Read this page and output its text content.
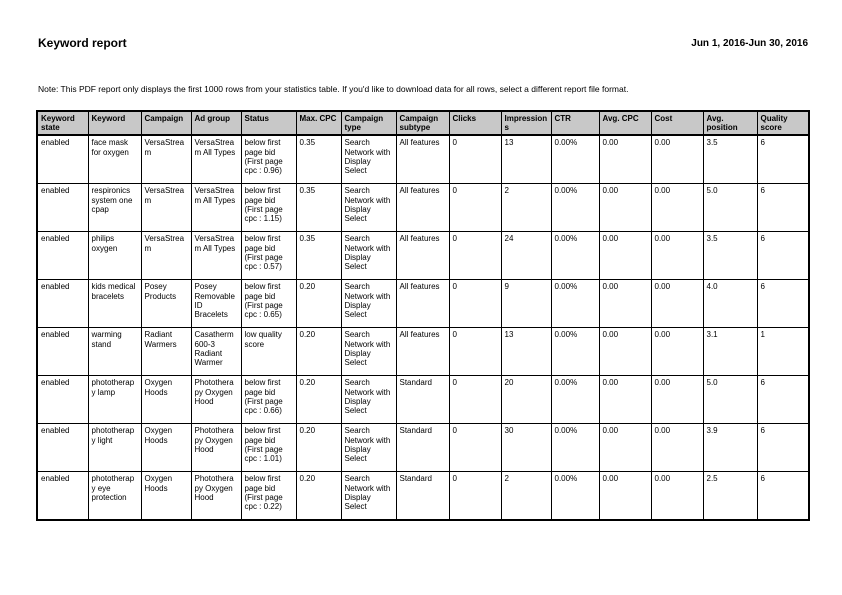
Keyword report	Jun 1, 2016-Jun 30, 2016
Note: This PDF report only displays the first 1000 rows from your statistics table. If you'd like to download data for all rows, select a different report file format.
Keyword state	Keyword	Campaign	Ad group	Status	Max. CPC	Campaign type	Campaign subtype	Clicks	Impressions	CTR	Avg. CPC	Cost	Avg. position	Quality score
enabled	face mask for oxygen	VersaStream	VersaStream All Types	below first page bid (First page cpc : 0.96)	0.35	Search Network with Display Select	All features	0	13	0.00%	0.00	0.00	3.5	6
enabled	respironics system one cpap	VersaStream	VersaStream All Types	below first page bid (First page cpc : 1.15)	0.35	Search Network with Display Select	All features	0	2	0.00%	0.00	0.00	5.0	6
enabled	philips oxygen	VersaStream	VersaStream All Types	below first page bid (First page cpc : 0.57)	0.35	Search Network with Display Select	All features	0	24	0.00%	0.00	0.00	3.5	6
enabled	kids medical bracelets	Posey Products	Posey Removable ID Bracelets	below first page bid (First page cpc : 0.65)	0.20	Search Network with Display Select	All features	0	9	0.00%	0.00	0.00	4.0	6
enabled	warming stand	Radiant Warmers	Casatherm 600-3 Radiant Warmer	low quality score	0.20	Search Network with Display Select	All features	0	13	0.00%	0.00	0.00	3.1	1
enabled	phototherapy lamp	Oxygen Hoods	Phototherapy Oxygen Hood	below first page bid (First page cpc : 0.66)	0.20	Search Network with Display Select	Standard	0	20	0.00%	0.00	0.00	5.0	6
enabled	phototherapy light	Oxygen Hoods	Phototherapy Oxygen Hood	below first page bid (First page cpc : 1.01)	0.20	Search Network with Display Select	Standard	0	30	0.00%	0.00	0.00	3.9	6
enabled	phototherapy eye protection	Oxygen Hoods	Phototherapy Oxygen Hood	below first page bid (First page cpc : 0.22)	0.20	Search Network with Display Select	Standard	0	2	0.00%	0.00	0.00	2.5	6
